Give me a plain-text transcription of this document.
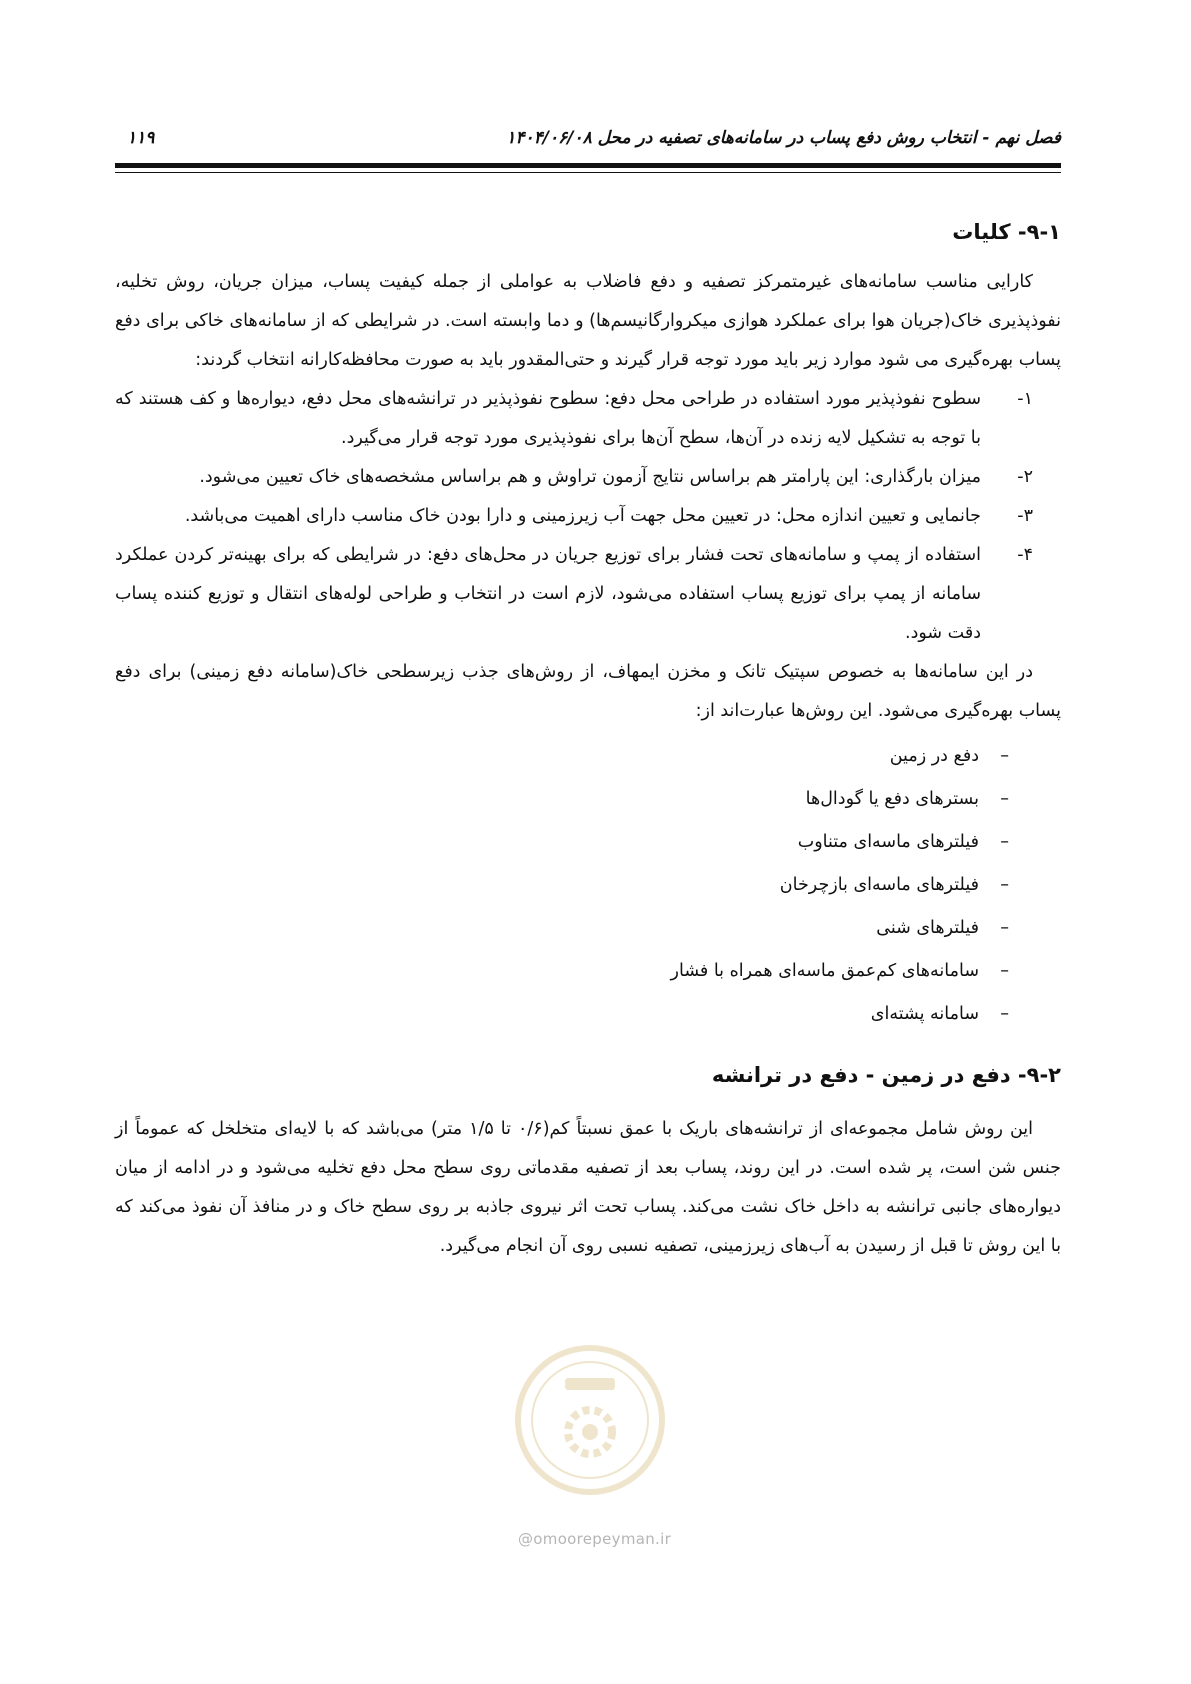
فصل نهم - انتخاب روش دفع پساب در سامانه‌های تصفیه در محل ۱۴۰۴/۰۶/۰۸
۱۱۹
۹-۱- کلیات

کارایی مناسب سامانه‌های غیرمتمرکز تصفیه و دفع فاضلاب به عواملی از جمله کیفیت پساب، میزان جریان، روش تخلیه، نفوذپذیری خاک(جریان هوا برای عملکرد هوازی میکروارگانیسم‌ها) و دما وابسته است. در شرایطی که از سامانه‌های خاکی برای دفع پساب بهره‌گیری می شود موارد زیر باید مورد توجه قرار گیرند و حتی‌المقدور باید به صورت محافظه‌کارانه انتخاب گردند:

۱-
سطوح نفوذپذیر مورد استفاده در طراحی محل دفع: سطوح نفوذپذیر در ترانشه‌های محل دفع، دیواره‌ها و کف هستند که با توجه به تشکیل لایه زنده در آن‌ها، سطح آن‌ها برای نفوذپذیری مورد توجه قرار می‌گیرد.
۲-
میزان بارگذاری: این پارامتر هم براساس نتایج آزمون تراوش و هم براساس مشخصه‌های خاک تعیین می‌شود.
۳-
جانمایی و تعیین اندازه محل: در تعیین محل جهت آب زیرزمینی و دارا بودن خاک مناسب دارای اهمیت می‌باشد.
۴-
استفاده از پمپ و سامانه‌های تحت فشار برای توزیع جریان در محل‌های دفع: در شرایطی که برای بهینه‌تر کردن عملکرد سامانه از پمپ برای توزیع پساب استفاده می‌شود، لازم است در انتخاب و طراحی لوله‌های انتقال و توزیع کننده پساب دقت شود.

در این سامانه‌ها به خصوص سپتیک تانک و مخزن ایمهاف، از روش‌های جذب زیرسطحی خاک(سامانه دفع زمینی) برای دفع پساب بهره‌گیری می‌شود. این روش‌ها عبارت‌اند از:

–
دفع در زمین
–
بسترهای دفع یا گودال‌ها
–
فیلترهای ماسه‌ای متناوب
–
فیلترهای ماسه‌ای بازچرخان
–
فیلترهای شنی
–
سامانه‌های کم‌عمق ماسه‌ای همراه با فشار
–
سامانه پشته‌ای
۹-۲- دفع در زمین - دفع در ترانشه

این روش شامل مجموعه‌ای از ترانشه‌های باریک با عمق نسبتاً کم(۰/۶ تا ۱/۵ متر) می‌باشد که با لایه‌ای متخلخل که عموماً از جنس شن است، پر شده است. در این روند، پساب بعد از تصفیه مقدماتی روی سطح محل دفع تخلیه می‌شود و در ادامه از میان دیواره‌های جانبی ترانشه به داخل خاک نشت می‌کند. پساب تحت اثر نیروی جاذبه بر روی سطح خاک و در منافذ آن نفوذ می‌کند که با این روش تا قبل از رسیدن به آب‌های زیرزمینی، تصفیه نسبی روی آن انجام می‌گیرد.

@omoorepeyman.ir
